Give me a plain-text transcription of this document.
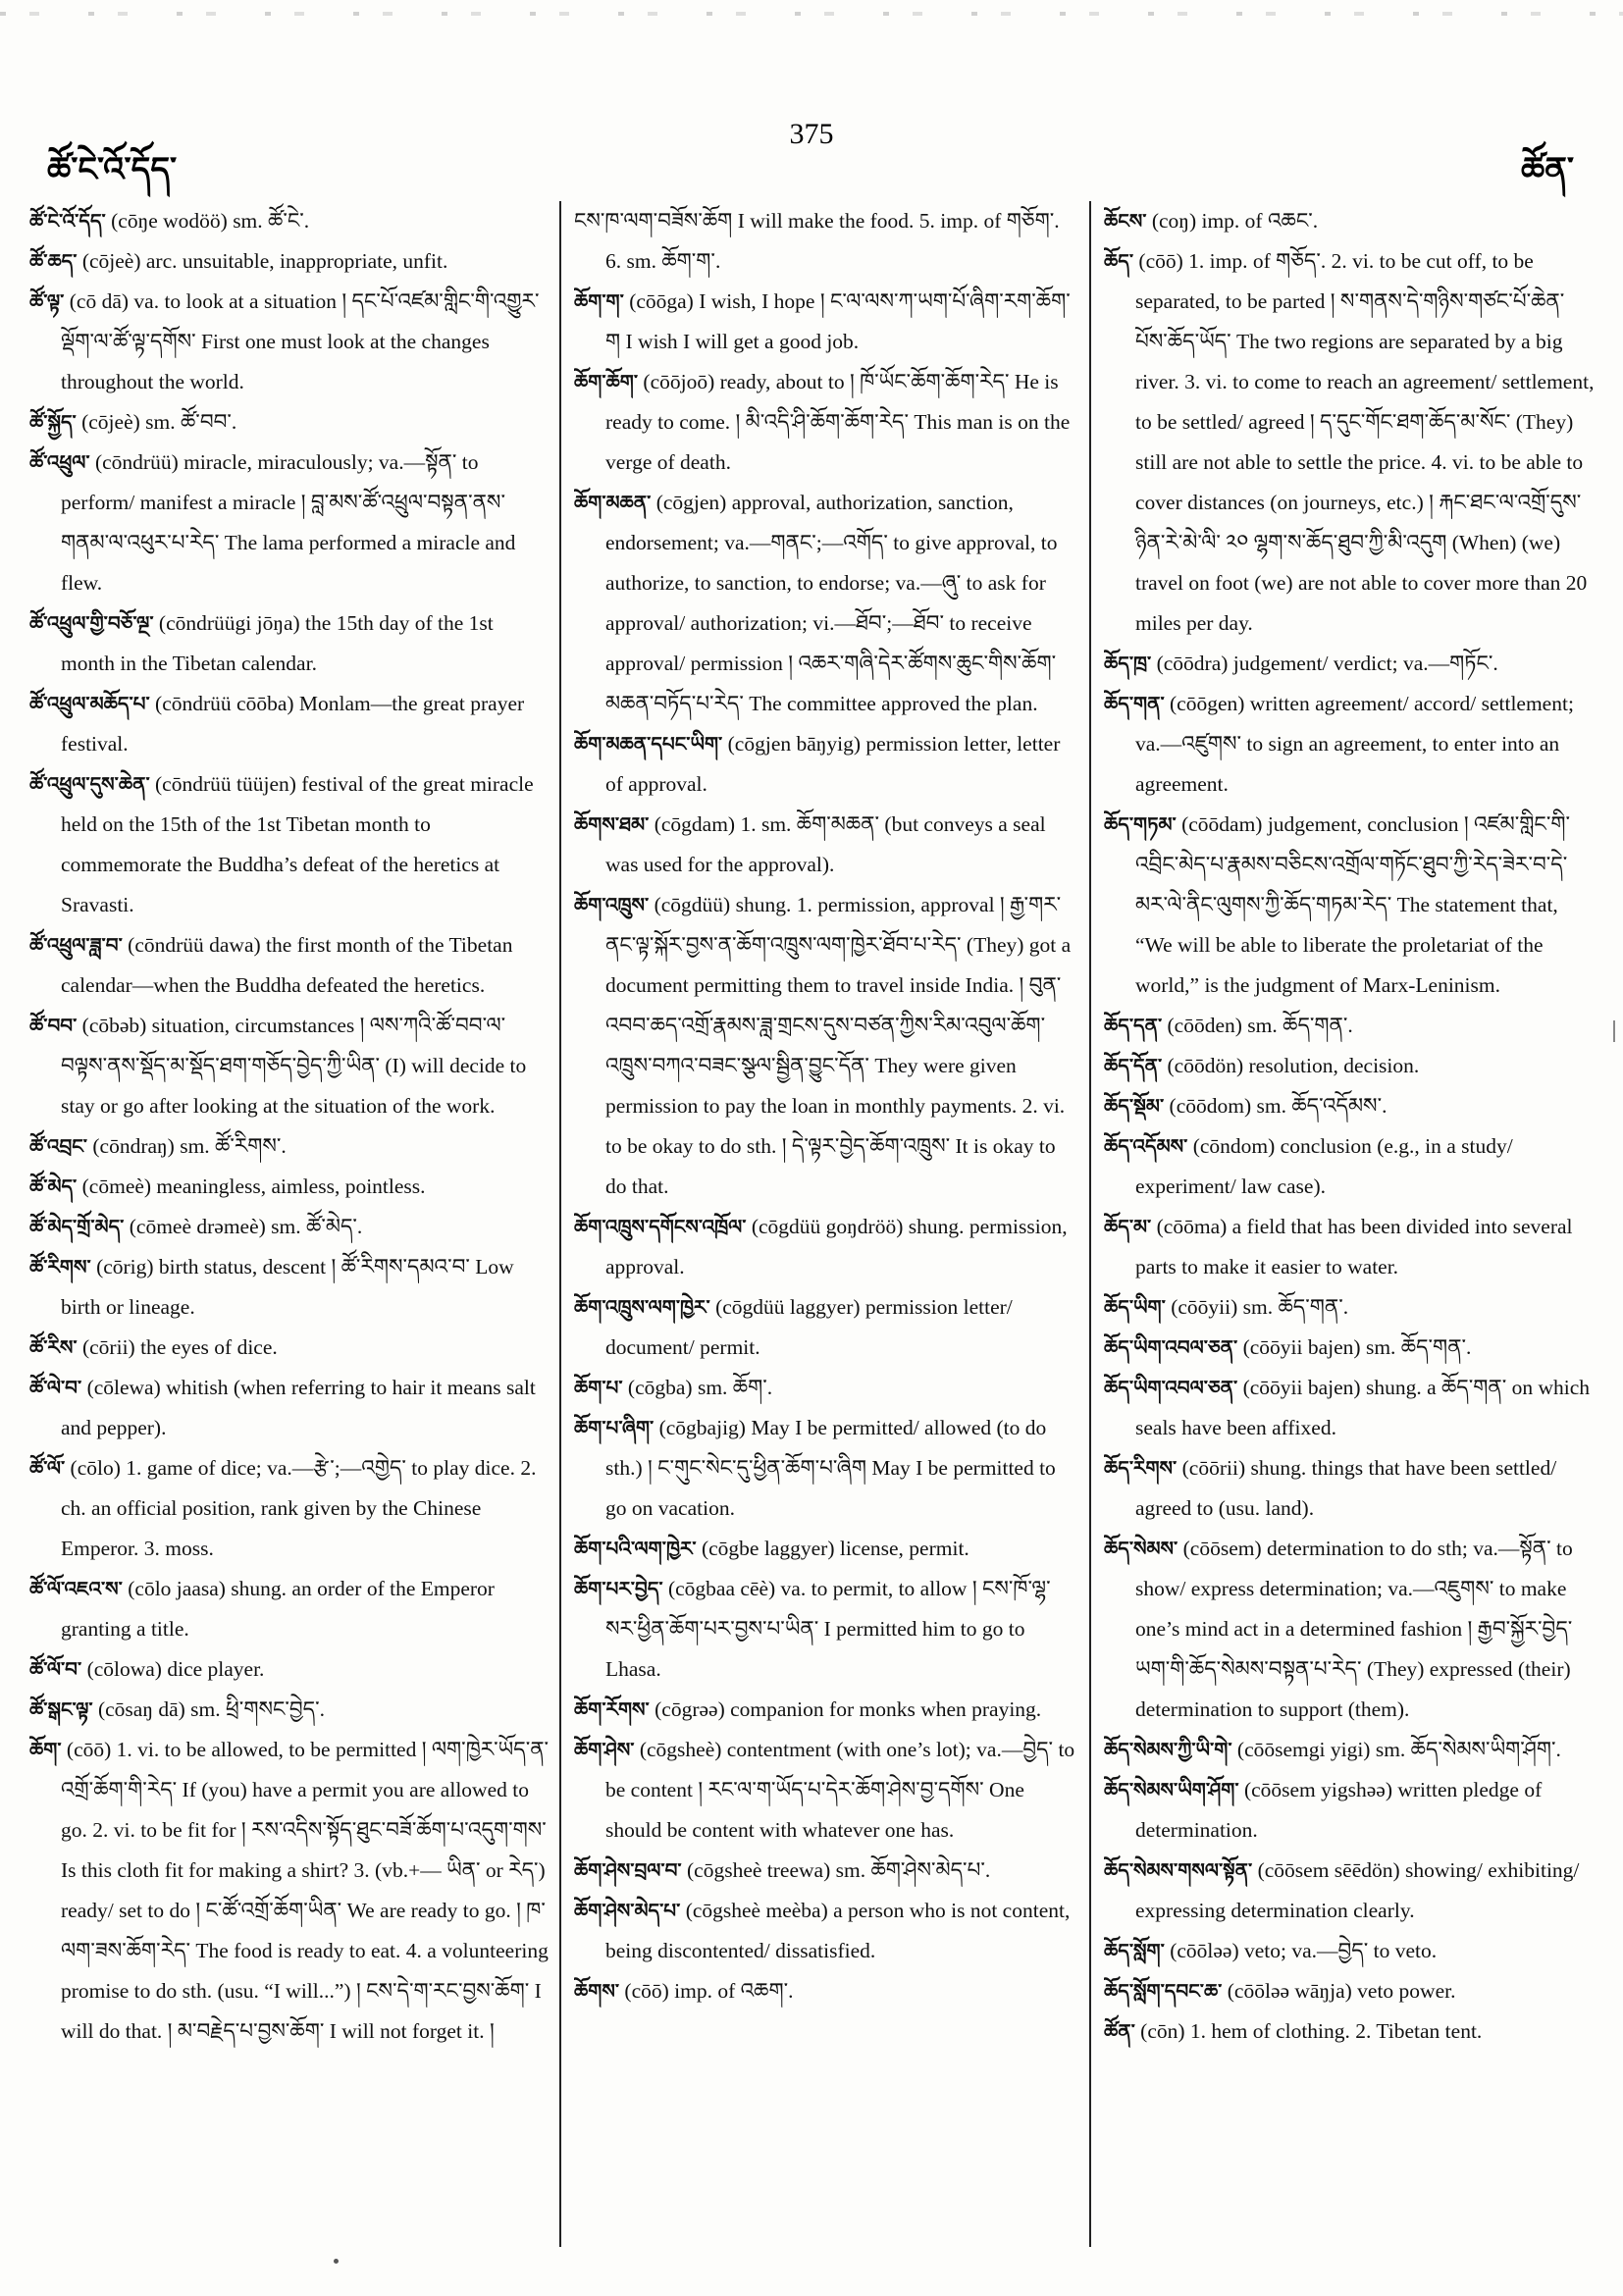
ཚོ་ངེ་འོ་དོད་
375
ཚོན་

ཚོ་ངེ་འོ་དོད་ (cōŋe wodöö) sm. ཚོ་ངེ་.

ཚོ་ཆད་ (cōjeè) arc. unsuitable, inappropriate, unfit.

ཚོ་ལྟ་ (cō dā) va. to look at a situation ། དང་པོ་འཛམ་གླིང་གི་འགྱུར་ལྡོག་ལ་ཚོ་ལྟ་དགོས་ First one must look at the changes throughout the world.

ཚོ་སྐྱོད་ (cōjeè) sm. ཚོ་བབ་.

ཚོ་འཕྲུལ་ (cōndrüü) miracle, miraculously; va.—སྟོན་ to perform/ manifest a miracle ། བླ་མས་ཚོ་འཕྲུལ་བསྟན་ནས་གནམ་ལ་འཕུར་པ་རེད་ The lama performed a miracle and flew.

ཚོ་འཕྲུལ་གྱི་བཅོ་ལྔ་ (cōndrüügi jōŋa) the 15th day of the 1st month in the Tibetan calendar.

ཚོ་འཕྲུལ་མཆོད་པ་ (cōndrüü cōōba) Monlam—the great prayer festival.

ཚོ་འཕྲུལ་དུས་ཆེན་ (cōndrüü tüüjen) festival of the great miracle held on the 15th of the 1st Tibetan month to commemorate the Buddha’s defeat of the heretics at Sravasti.

ཚོ་འཕྲུལ་ཟླ་བ་ (cōndrüü dawa) the first month of the Tibetan calendar—when the Buddha defeated the heretics.

ཚོ་བབ་ (cōbəb) situation, circumstances ། ལས་ཀའི་ཚོ་བབ་ལ་བལྟས་ནས་སྡོད་མ་སྡོད་ཐག་གཅོད་བྱེད་ཀྱི་ཡིན་ (I) will decide to stay or go after looking at the situation of the work.

ཚོ་འབྲང་ (cōndraŋ) sm. ཚོ་རིགས་.

ཚོ་མེད་ (cōmeè) meaningless, aimless, pointless.

ཚོ་མེད་གྲོ་མེད་ (cōmeè drəmeè) sm. ཚོ་མེད་.

ཚོ་རིགས་ (cōrig) birth status, descent ། ཚོ་རིགས་དམའ་བ་ Low birth or lineage.

ཚོ་རིས་ (cōrii) the eyes of dice.

ཚོ་ལེ་བ་ (cōlewa) whitish (when referring to hair it means salt and pepper).

ཚོ་ལོ་ (cōlo) 1. game of dice; va.—རྩེ་;—འགྱེད་ to play dice. 2. ch. an official position, rank given by the Chinese Emperor. 3. moss.

ཚོ་ལོ་འཇའ་ས་ (cōlo jaasa) shung. an order of the Emperor granting a title.

ཚོ་ལོ་བ་ (cōlowa) dice player.

ཚོ་སྒང་ལྟ་ (cōsaŋ dā) sm. ཕྲི་གསང་བྱེད་.

ཆོག་ (cōō) 1. vi. to be allowed, to be permitted ། ལག་ཁྱེར་ཡོད་ན་འགྲོ་ཆོག་གི་རེད་ If (you) have a permit you are allowed to go. 2. vi. to be fit for ། རས་འདིས་སྟོད་ཐུང་བཟོ་ཆོག་པ་འདུག་གས་ Is this cloth fit for making a shirt? 3. (vb.+— ཡིན་ or རེད་) ready/ set to do ། ང་ཚོ་འགྲོ་ཆོག་ཡིན་ We are ready to go. ། ཁ་ལག་ཟས་ཆོག་རེད་ The food is ready to eat. 4. a volunteering promise to do sth. (usu. “I will...”) ། ངས་དེ་ག་རང་བྱས་ཆོག་ I will do that. ། མ་བརྗེད་པ་བྱས་ཆོག་ I will not forget it. །

ངས་ཁ་ལག་བཟོས་ཆོག I will make the food. 5. imp. of གཅོག་. 6. sm. ཆོག་ག་.

ཆོག་ག་ (cōōga) I wish, I hope ། ང་ལ་ལས་ཀ་ཡག་པོ་ཞིག་རག་ཆོག་ག I wish I will get a good job.

ཆོག་ཆོག་ (cōōjoō) ready, about to ། ཁོ་ཡོང་ཆོག་ཆོག་རེད་ He is ready to come. ། མི་འདི་ཤི་ཆོག་ཆོག་རེད་ This man is on the verge of death.

ཆོག་མཆན་ (cōgjen) approval, authorization, sanction, endorsement; va.—གནང་;—འགོད་ to give approval, to authorize, to sanction, to endorse; va.—ཞུ་ to ask for approval/ authorization; vi.—ཐོབ་;—ཐོབ་ to receive approval/ permission ། འཆར་གཞི་དེར་ཚོགས་ཆུང་གིས་ཆོག་མཆན་བཏོད་པ་རེད་ The committee approved the plan.

ཆོག་མཆན་དཔང་ཡིག་ (cōgjen bāŋyig) permission letter, letter of approval.

ཆོགས་ཐམ་ (cōgdam) 1. sm. ཆོག་མཆན་ (but conveys a seal was used for the approval).

ཆོག་འཁྲུས་ (cōgdüü) shung. 1. permission, approval ། རྒྱ་གར་ནང་ལྟ་སྐོར་བྱས་ན་ཆོག་འཁྲུས་ལག་ཁྱེར་ཐོབ་པ་རེད་ (They) got a document permitting them to travel inside India. ། བུན་འབབ་ཆད་འགྲོ་རྣམས་ཟླ་གྲངས་དུས་བཙན་ཀྱིས་རིམ་འབུལ་ཆོག་འཁྲུས་བཀའ་བཟང་སྩལ་སྦྱིན་བྱུང་དོན་ They were given permission to pay the loan in monthly payments. 2. vi. to be okay to do sth. ། དེ་ལྟར་བྱེད་ཆོག་འཁྲུས་ It is okay to do that.

ཆོག་འཁྲུས་དགོངས་འཁྲོལ་ (cōgdüü goŋdröö) shung. permission, approval.

ཆོག་འཁྲུས་ལག་ཁྱེར་ (cōgdüü laggyer) permission letter/ document/ permit.

ཆོག་པ་ (cōgba) sm. ཆོག་.

ཆོག་པ་ཞིག་ (cōgbajig) May I be permitted/ allowed (to do sth.) ། ང་གུང་སེང་དུ་ཕྱིན་ཆོག་པ་ཞིག May I be permitted to go on vacation.

ཆོག་པའི་ལག་ཁྱེར་ (cōgbe laggyer) license, permit.

ཆོག་པར་བྱེད་ (cōgbaa cēè) va. to permit, to allow ། ངས་ཁོ་ལྷ་སར་ཕྱིན་ཆོག་པར་བྱས་པ་ཡིན་ I permitted him to go to Lhasa.

ཆོག་རོགས་ (cōgrəə) companion for monks when praying.

ཆོག་ཤེས་ (cōgsheè) contentment (with one’s lot); va.—བྱེད་ to be content ། རང་ལ་ག་ཡོད་པ་དེར་ཆོག་ཤེས་བྱ་དགོས་ One should be content with whatever one has.

ཆོག་ཤེས་བྲལ་བ་ (cōgsheè treewa) sm. ཆོག་ཤེས་མེད་པ་.

ཆོག་ཤེས་མེད་པ་ (cōgsheè meèba) a person who is not content, being discontented/ dissatisfied.

ཆོགས་ (cōō) imp. of འཆག་.

ཆོངས་ (coŋ) imp. of འཆང་.

ཆོད་ (cōō) 1. imp. of གཅོད་. 2. vi. to be cut off, to be separated, to be parted ། ས་གནས་དེ་གཉིས་གཙང་པོ་ཆེན་པོས་ཆོད་ཡོད་ The two regions are separated by a big river. 3. vi. to come to reach an agreement/ settlement, to be settled/ agreed ། ད་དུང་གོང་ཐག་ཆོད་མ་སོང་ (They) still are not able to settle the price. 4. vi. to be able to cover distances (on journeys, etc.) ། རྐང་ཐང་ལ་འགྲོ་དུས་ཉིན་རེ་མེ་ལི་ ༢༠ ལྷག་ས་ཆོད་ཐུབ་ཀྱི་མི་འདུག (When) (we) travel on foot (we) are not able to cover more than 20 miles per day.

ཆོད་ཁྲ་ (cōōdra) judgement/ verdict; va.—གཏོང་.

ཆོད་གན་ (cōōgen) written agreement/ accord/ settlement; va.—འཛུགས་ to sign an agreement, to enter into an agreement.

ཆོད་གཏམ་ (cōōdam) judgement, conclusion ། འཛམ་གླིང་གི་འབྲིང་མེད་པ་རྣམས་བཅིངས་འགྲོལ་གཏོང་ཐུབ་ཀྱི་རེད་ཟེར་བ་དེ་མར་ལེ་ནིང་ལུགས་ཀྱི་ཆོད་གཏམ་རེད་ The statement that, “We will be able to liberate the proletariat of the world,” is the judgment of Marx-Leninism.

ཆོད་དན་ (cōōden) sm. ཆོད་གན་.

ཆོད་དོན་ (cōōdön) resolution, decision.

ཆོད་སྡོམ་ (cōōdom) sm. ཆོད་འདོམས་.

ཆོད་འདོམས་ (cōndom) conclusion (e.g., in a study/ experiment/ law case).

ཆོད་མ་ (cōōma) a field that has been divided into several parts to make it easier to water.

ཆོད་ཡིག་ (cōōyii) sm. ཆོད་གན་.

ཆོད་ཡིག་འབལ་ཅན་ (cōōyii bajen) sm. ཆོད་གན་.

ཆོད་ཡིག་འབལ་ཅན་ (cōōyii bajen) shung. a ཆོད་གན་ on which seals have been affixed.

ཆོད་རིགས་ (cōōrii) shung. things that have been settled/ agreed to (usu. land).

ཆོད་སེམས་ (cōōsem) determination to do sth; va.—སྟོན་ to show/ express determination; va.—འཇུགས་ to make one’s mind act in a determined fashion ། རྒྱབ་སྐྱོར་བྱེད་ཡག་གི་ཆོད་སེམས་བསྟན་པ་རེད་ (They) expressed (their) determination to support (them).

ཆོད་སེམས་ཀྱི་ཡི་གེ་ (cōōsemgi yigi) sm. ཆོད་སེམས་ཡིག་ཤོག་.

ཆོད་སེམས་ཡིག་ཤོག་ (cōōsem yigshəə) written pledge of determination.

ཆོད་སེམས་གསལ་སྟོན་ (cōōsem sēēdön) showing/ exhibiting/ expressing determination clearly.

ཆོད་སློག་ (cōōləə) veto; va.—བྱེད་ to veto.

ཆོད་སློག་དབང་ཆ་ (cōōləə wāŋja) veto power.

ཚོན་ (cōn) 1. hem of clothing. 2. Tibetan tent.
